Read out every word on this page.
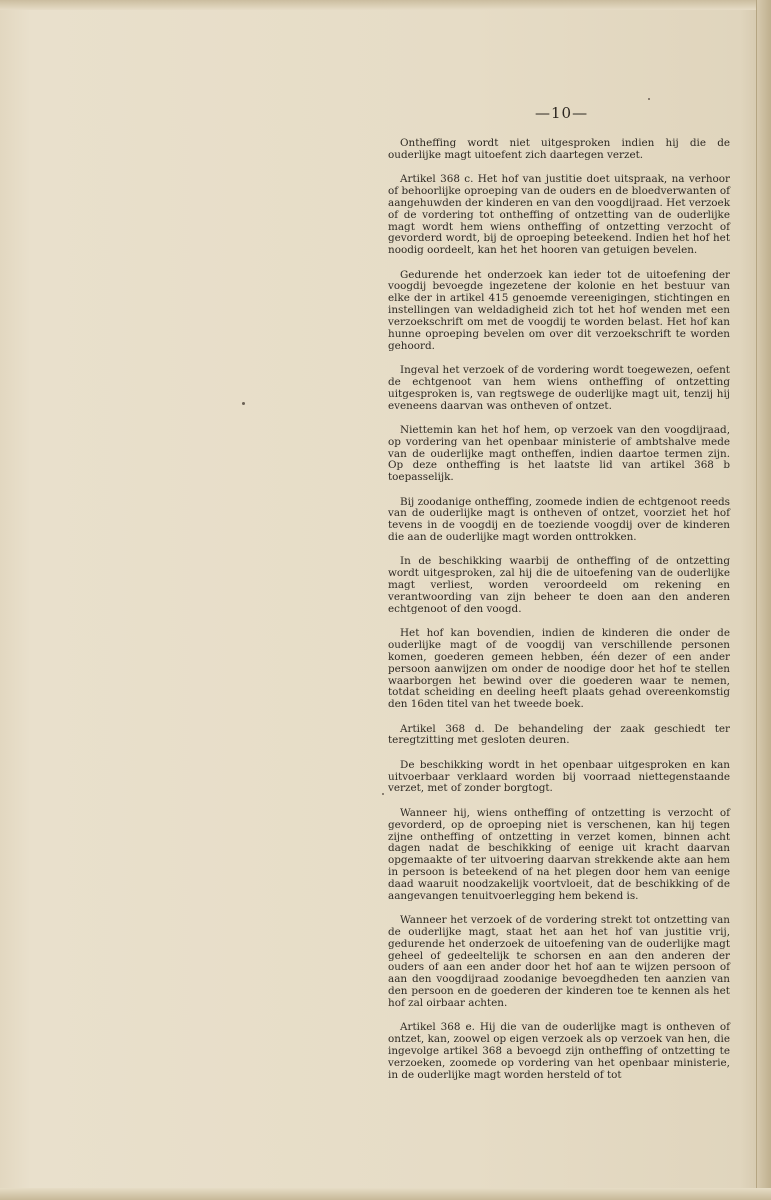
—10—

Ontheffing wordt niet uitgesproken indien hij die de ouderlijke magt uitoefent zich daartegen verzet.

Artikel 368 c. Het hof van justitie doet uitspraak, na verhoor of behoorlijke oproeping van de ouders en de bloedverwanten of aangehuwden der kinderen en van den voogdijraad. Het verzoek of de vordering tot ontheffing of ontzetting van de ouderlijke magt wordt hem wiens ontheffing of ontzetting verzocht of gevorderd wordt, bij de oproeping beteekend. Indien het hof het noodig oordeelt, kan het het hooren van getuigen bevelen.

Gedurende het onderzoek kan ieder tot de uitoefening der voogdij bevoegde ingezetene der kolonie en het bestuur van elke der in artikel 415 genoemde vereenigingen, stichtingen en instellingen van weldadigheid zich tot het hof wenden met een verzoekschrift om met de voogdij te worden belast. Het hof kan hunne oproeping bevelen om over dit verzoekschrift te worden gehoord.

Ingeval het verzoek of de vordering wordt toegewezen, oefent de echtgenoot van hem wiens ontheffing of ontzetting uitgesproken is, van regtswege de ouderlijke magt uit, tenzij hij eveneens daarvan was ontheven of ontzet.

Niettemin kan het hof hem, op verzoek van den voogdijraad, op vordering van het openbaar ministerie of ambtshalve mede van de ouderlijke magt ontheffen, indien daartoe termen zijn. Op deze ontheffing is het laatste lid van artikel 368 b toepasselijk.

Bij zoodanige ontheffing, zoomede indien de echtgenoot reeds van de ouderlijke magt is ontheven of ontzet, voorziet het hof tevens in de voogdij en de toeziende voogdij over de kinderen die aan de ouderlijke magt worden onttrokken.

In de beschikking waarbij de ontheffing of de ontzetting wordt uitgesproken, zal hij die de uitoefening van de ouderlijke magt verliest, worden veroordeeld om rekening en verantwoording van zijn beheer te doen aan den anderen echtgenoot of den voogd.

Het hof kan bovendien, indien de kinderen die onder de ouderlijke magt of de voogdij van verschillende personen komen, goederen gemeen hebben, één dezer of een ander persoon aanwijzen om onder de noodige door het hof te stellen waarborgen het bewind over die goederen waar te nemen, totdat scheiding en deeling heeft plaats gehad overeenkomstig den 16den titel van het tweede boek.

Artikel 368 d. De behandeling der zaak geschiedt ter teregtzitting met gesloten deuren.

De beschikking wordt in het openbaar uitgesproken en kan uitvoerbaar verklaard worden bij voorraad niettegenstaande verzet, met of zonder borgtogt.

Wanneer hij, wiens ontheffing of ontzetting is verzocht of gevorderd, op de oproeping niet is verschenen, kan hij tegen zijne ontheffing of ontzetting in verzet komen, binnen acht dagen nadat de beschikking of eenige uit kracht daarvan opgemaakte of ter uitvoering daarvan strekkende akte aan hem in persoon is beteekend of na het plegen door hem van eenige daad waaruit noodzakelijk voortvloeit, dat de beschikking of de aangevangen tenuitvoerlegging hem bekend is.

Wanneer het verzoek of de vordering strekt tot ontzetting van de ouderlijke magt, staat het aan het hof van justitie vrij, gedurende het onderzoek de uitoefening van de ouderlijke magt geheel of gedeeltelijk te schorsen en aan den anderen der ouders of aan een ander door het hof aan te wijzen persoon of aan den voogdijraad zoodanige bevoegdheden ten aanzien van den persoon en de goederen der kinderen toe te kennen als het hof zal oirbaar achten.

Artikel 368 e. Hij die van de ouderlijke magt is ontheven of ontzet, kan, zoowel op eigen verzoek als op verzoek van hen, die ingevolge artikel 368 a bevoegd zijn ontheffing of ontzetting te verzoeken, zoomede op vordering van het openbaar ministerie, in de ouderlijke magt worden hersteld of tot
